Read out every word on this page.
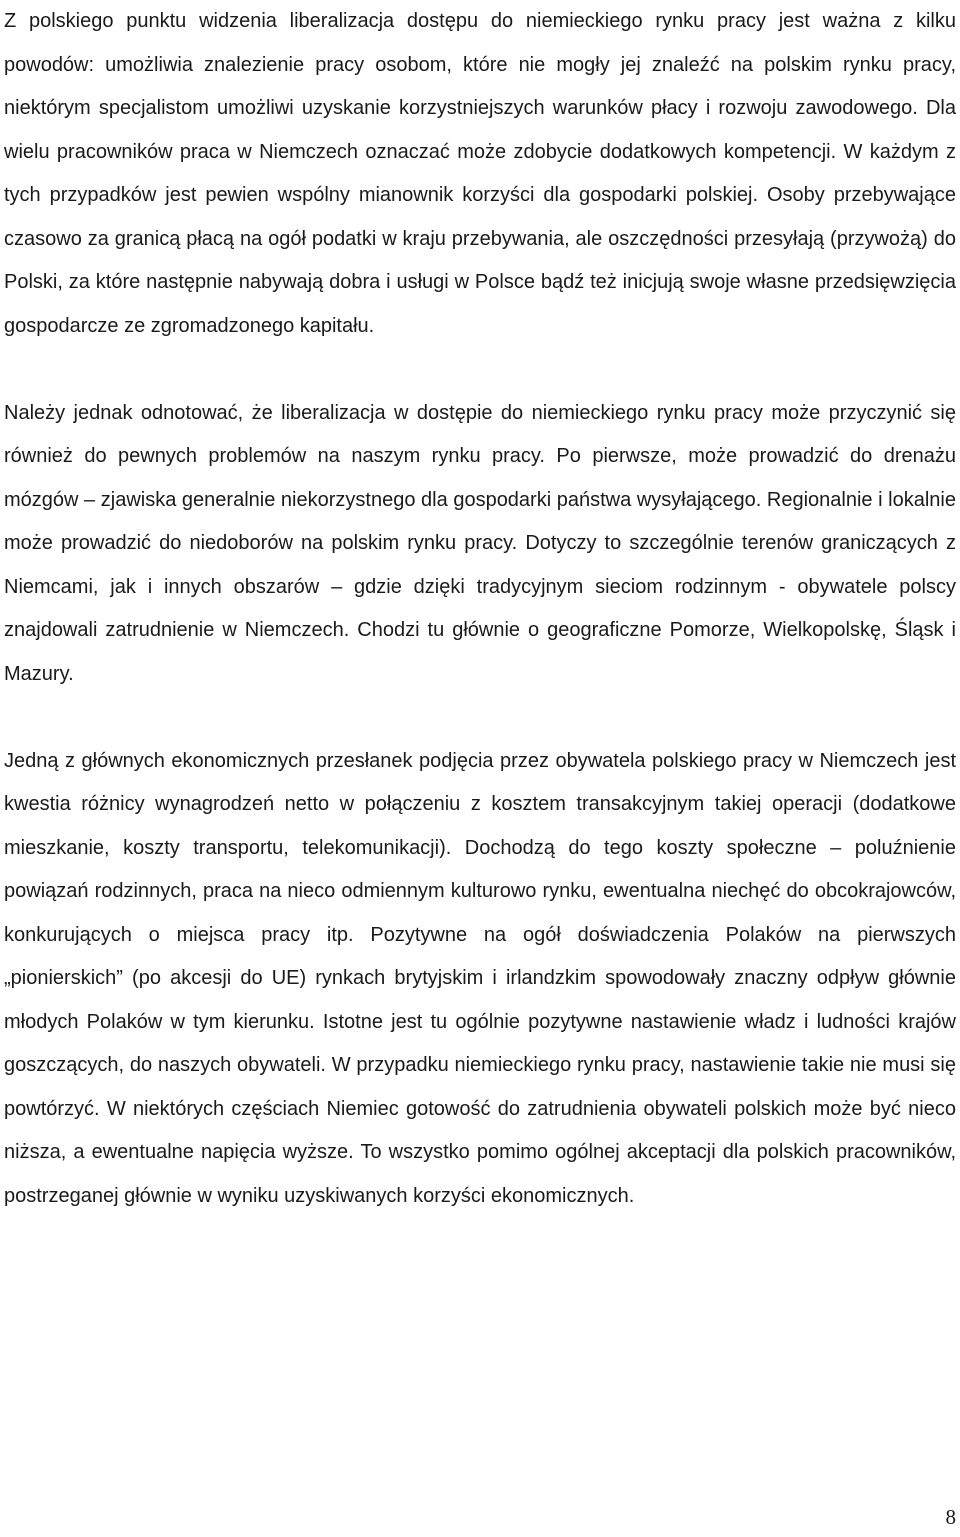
Z polskiego punktu widzenia liberalizacja dostępu do niemieckiego rynku pracy jest ważna z kilku powodów: umożliwia znalezienie pracy osobom, które nie mogły jej znaleźć na polskim rynku pracy, niektórym specjalistom umożliwi uzyskanie korzystniejszych warunków płacy i rozwoju zawodowego. Dla wielu pracowników praca w Niemczech oznaczać może zdobycie dodatkowych kompetencji. W każdym z tych przypadków jest pewien wspólny mianownik korzyści dla gospodarki polskiej. Osoby przebywające czasowo za granicą płacą na ogół podatki w kraju przebywania, ale oszczędności przesyłają (przywożą) do Polski, za które następnie nabywają dobra i usługi w Polsce bądź też inicjują swoje własne przedsięwzięcia gospodarcze ze zgromadzonego kapitału.

Należy jednak odnotować, że liberalizacja w dostępie do niemieckiego rynku pracy może przyczynić się również do pewnych problemów na naszym rynku pracy. Po pierwsze, może prowadzić do drenażu mózgów – zjawiska generalnie niekorzystnego dla gospodarki państwa wysyłającego. Regionalnie i lokalnie może prowadzić do niedoborów na polskim rynku pracy. Dotyczy to szczególnie terenów graniczących z Niemcami, jak i innych obszarów – gdzie dzięki tradycyjnym sieciom rodzinnym - obywatele polscy znajdowali zatrudnienie w Niemczech. Chodzi tu głównie o geograficzne Pomorze, Wielkopolskę, Śląsk i Mazury.

Jedną z głównych ekonomicznych przesłanek podjęcia przez obywatela polskiego pracy w Niemczech jest kwestia różnicy wynagrodzeń netto w połączeniu z kosztem transakcyjnym takiej operacji (dodatkowe mieszkanie, koszty transportu, telekomunikacji). Dochodzą do tego koszty społeczne – poluźnienie powiązań rodzinnych, praca na nieco odmiennym kulturowo rynku, ewentualna niechęć do obcokrajowców, konkurujących o miejsca pracy itp. Pozytywne na ogół doświadczenia Polaków na pierwszych „pionierskich” (po akcesji do UE) rynkach brytyjskim i irlandzkim spowodowały znaczny odpływ głównie młodych Polaków w tym kierunku. Istotne jest tu ogólnie pozytywne nastawienie władz i ludności krajów goszczących, do naszych obywateli. W przypadku niemieckiego rynku pracy, nastawienie takie nie musi się powtórzyć. W niektórych częściach Niemiec gotowość do zatrudnienia obywateli polskich może być nieco niższa, a ewentualne napięcia wyższe. To wszystko pomimo ogólnej akceptacji dla polskich pracowników, postrzeganej głównie w wyniku uzyskiwanych korzyści ekonomicznych.

8
